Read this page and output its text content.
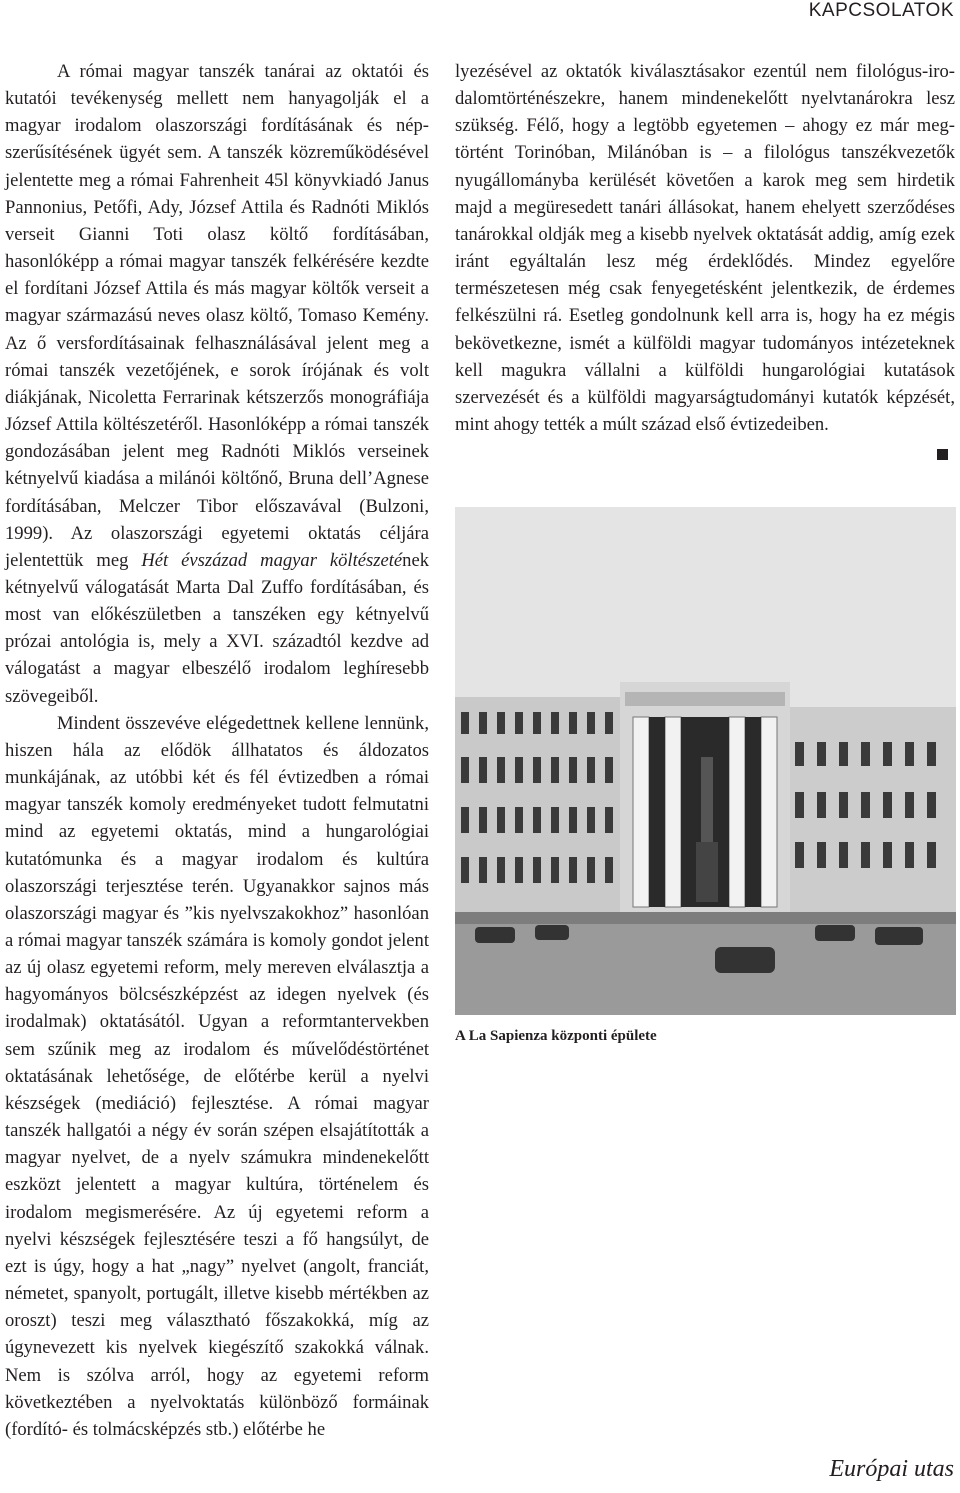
KAPCSOLATOK

A római magyar tanszék tanárai az oktatói és kutatói tevékenység mellett nem hanyagolják el a magyar irodalom olaszországi fordításának és népszerűsítésének ügyét sem. A tanszék közreműködésével jelentette meg a római Fahrenheit 45l könyvkiadó Janus Pannonius, Petőfi, Ady, József Attila és Radnóti Miklós verseit Gianni Toti olasz költő fordításában, hasonlóképp a római magyar tanszék felkérésére kezdte el fordítani József Attila és más magyar költők verseit a magyar származású neves olasz költő, Tomaso Kemény. Az ő versfordításainak felhasználásával jelent meg a római tanszék vezetőjének, e sorok írójának és volt diákjának, Nicoletta Ferrarinak kétszerzős monográfiája József Attila költészetéről. Hasonlóképp a római tanszék gondozásában jelent meg Radnóti Miklós verseinek kétnyelvű kiadása a milánói költőnő, Bruna dell’Agnese fordításában, Melczer Tibor előszavával (Bulzoni, 1999). Az olaszországi egyetemi oktatás céljára jelentettük meg Hét évszázad magyar költészetének kétnyelvű válogatását Marta Dal Zuffo fordításában, és most van előkészületben a tanszéken egy kétnyelvű prózai antológia is, mely a XVI. századtól kezdve ad válogatást a magyar elbeszélő irodalom leghíresebb szövegeiből.

Mindent összevéve elégedettnek kellene lennünk, hiszen hála az elődök állhatatos és áldozatos munkájának, az utóbbi két és fél évtizedben a római magyar tanszék komoly eredményeket tudott felmutatni mind az egyetemi oktatás, mind a hungarológiai kutatómunka és a magyar irodalom és kultúra olaszországi terjesztése terén. Ugyanakkor sajnos más olaszországi magyar és ”kis nyelvszakokhoz” hasonlóan a római magyar tanszék számára is komoly gondot jelent az új olasz egyetemi reform, mely mereven elválasztja a hagyományos bölcsészképzést az idegen nyelvek (és irodalmak) oktatásától. Ugyan a reformtantervekben sem szűnik meg az irodalom és művelődéstörténet oktatásának lehetősége, de előtérbe kerül a nyelvi készségek (mediáció) fejlesztése. A római magyar tanszék hallgatói a négy év során szépen elsajátították a magyar nyelvet, de a nyelv számukra mindenekelőtt eszközt jelentett a magyar kultúra, történelem és irodalom megismerésére. Az új egyetemi reform a nyelvi készségek fejlesztésére teszi a fő hangsúlyt, de ezt is úgy, hogy a hat „nagy” nyelvet (angolt, franciát, németet, spanyolt, portugált, illetve kisebb mértékben az oroszt) teszi meg választható főszakokká, míg az úgynevezett kis nyelvek kiegészítő szakokká válnak. Nem is szólva arról, hogy az egyetemi reform következtében a nyelvoktatás különböző formáinak (fordító- és tolmácsképzés stb.) előtérbe he

lyezésével az oktatók kiválasztásakor ezentúl nem filológus-irodalomtörténészekre, hanem mindenekelőtt nyelvtanárokra lesz szükség. Félő, hogy a legtöbb egyetemen – ahogy ez már megtörtént Torinóban, Milánóban is – a filológus tanszékvezetők nyugállományba kerülését követően a karok meg sem hirdetik majd a megüresedett tanári állásokat, hanem ehelyett szerződéses tanárokkal oldják meg a kisebb nyelvek oktatását addig, amíg ezek iránt egyáltalán lesz még érdeklődés. Mindez egyelőre természetesen még csak fenyegetésként jelentkezik, de érdemes felkészülni rá. Esetleg gondolnunk kell arra is, hogy ha ez mégis bekövetkezne, ismét a külföldi magyar tudományos intézeteknek kell magukra vállalni a külföldi hungarológiai kutatások szervezését és a külföldi magyarságtudományi kutatók képzését, mint ahogy tették a múlt század első évtizedeiben.

A La Sapienza központi épülete
Európai utas
